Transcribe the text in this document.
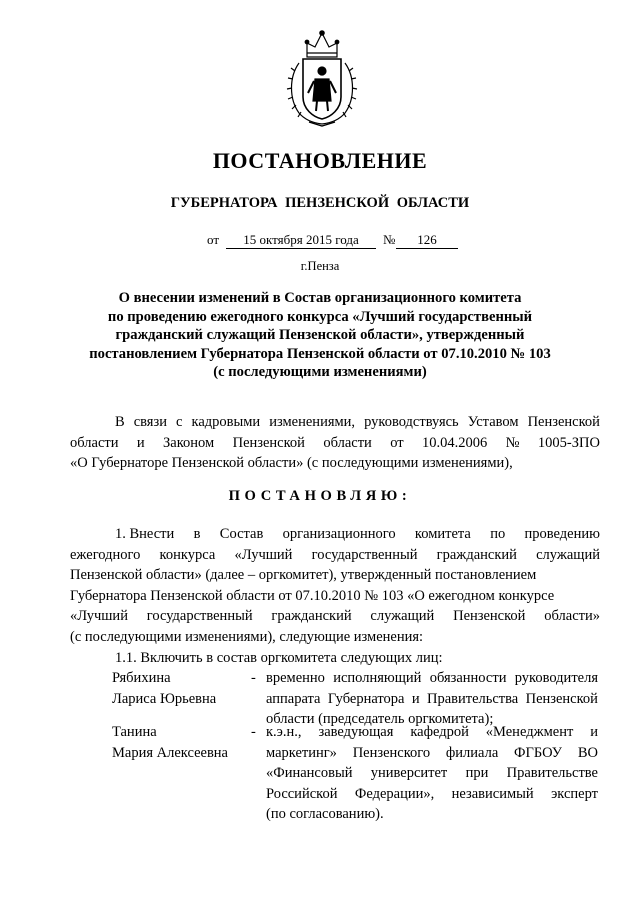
ПОСТАНОВЛЕНИЕ
ГУБЕРНАТОРА ПЕНЗЕНСКОЙ ОБЛАСТИ
от	15 октября 2015 года	№	126
г.Пенза
О внесении изменений в Состав организационного комитета
по проведению ежегодного конкурса «Лучший государственный
гражданский служащий Пензенской области», утвержденный
постановлением Губернатора Пензенской области от 07.10.2010 № 103
(с последующими изменениями)
В связи с кадровыми изменениями, руководствуясь Уставом Пензенской
области и Законом Пензенской области от 10.04.2006 № 1005-ЗПО
«О Губернаторе Пензенской области» (с последующими изменениями),
ПОСТАНОВЛЯЮ:
1. Внести в Состав организационного комитета по проведению
ежегодного конкурса «Лучший государственный гражданский служащий
Пензенской области» (далее – оргкомитет), утвержденный постановлением
Губернатора Пензенской области от 07.10.2010 № 103 «О ежегодном конкурсе
«Лучший государственный гражданский служащий Пензенской области»
(с последующими изменениями), следующие изменения:
1.1. Включить в состав оргкомитета следующих лиц:
Рябихина
Лариса Юрьевна
- временно исполняющий обязанности руководителя
аппарата Губернатора и Правительства Пензенской
области (председатель оргкомитета);
Танина
Мария Алексеевна
- к.э.н., заведующая кафедрой «Менеджмент и
маркетинг» Пензенского филиала ФГБОУ ВО
«Финансовый университет при Правительстве
Российской Федерации», независимый эксперт
(по согласованию).
